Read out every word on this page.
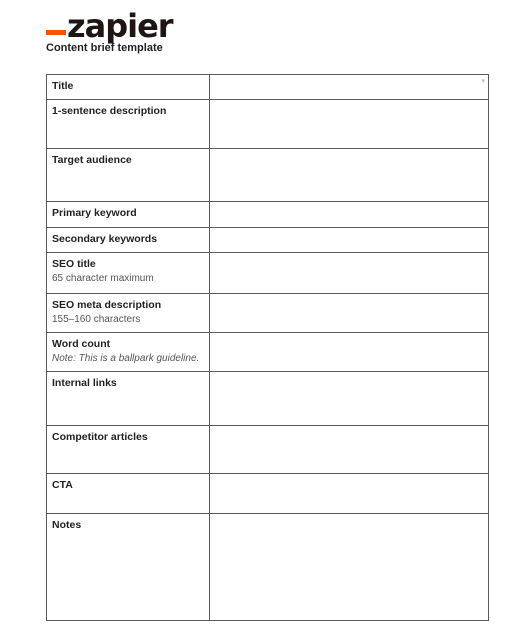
zapier
Content brief template
Title	▾

1-sentence description	

Target audience	

Primary keyword	

Secondary keywords	

SEO title
65 character maximum	

SEO meta description
155–160 characters	

Word count
Note: This is a ballpark guideline.	

Internal links	

Competitor articles	

CTA	

Notes	
